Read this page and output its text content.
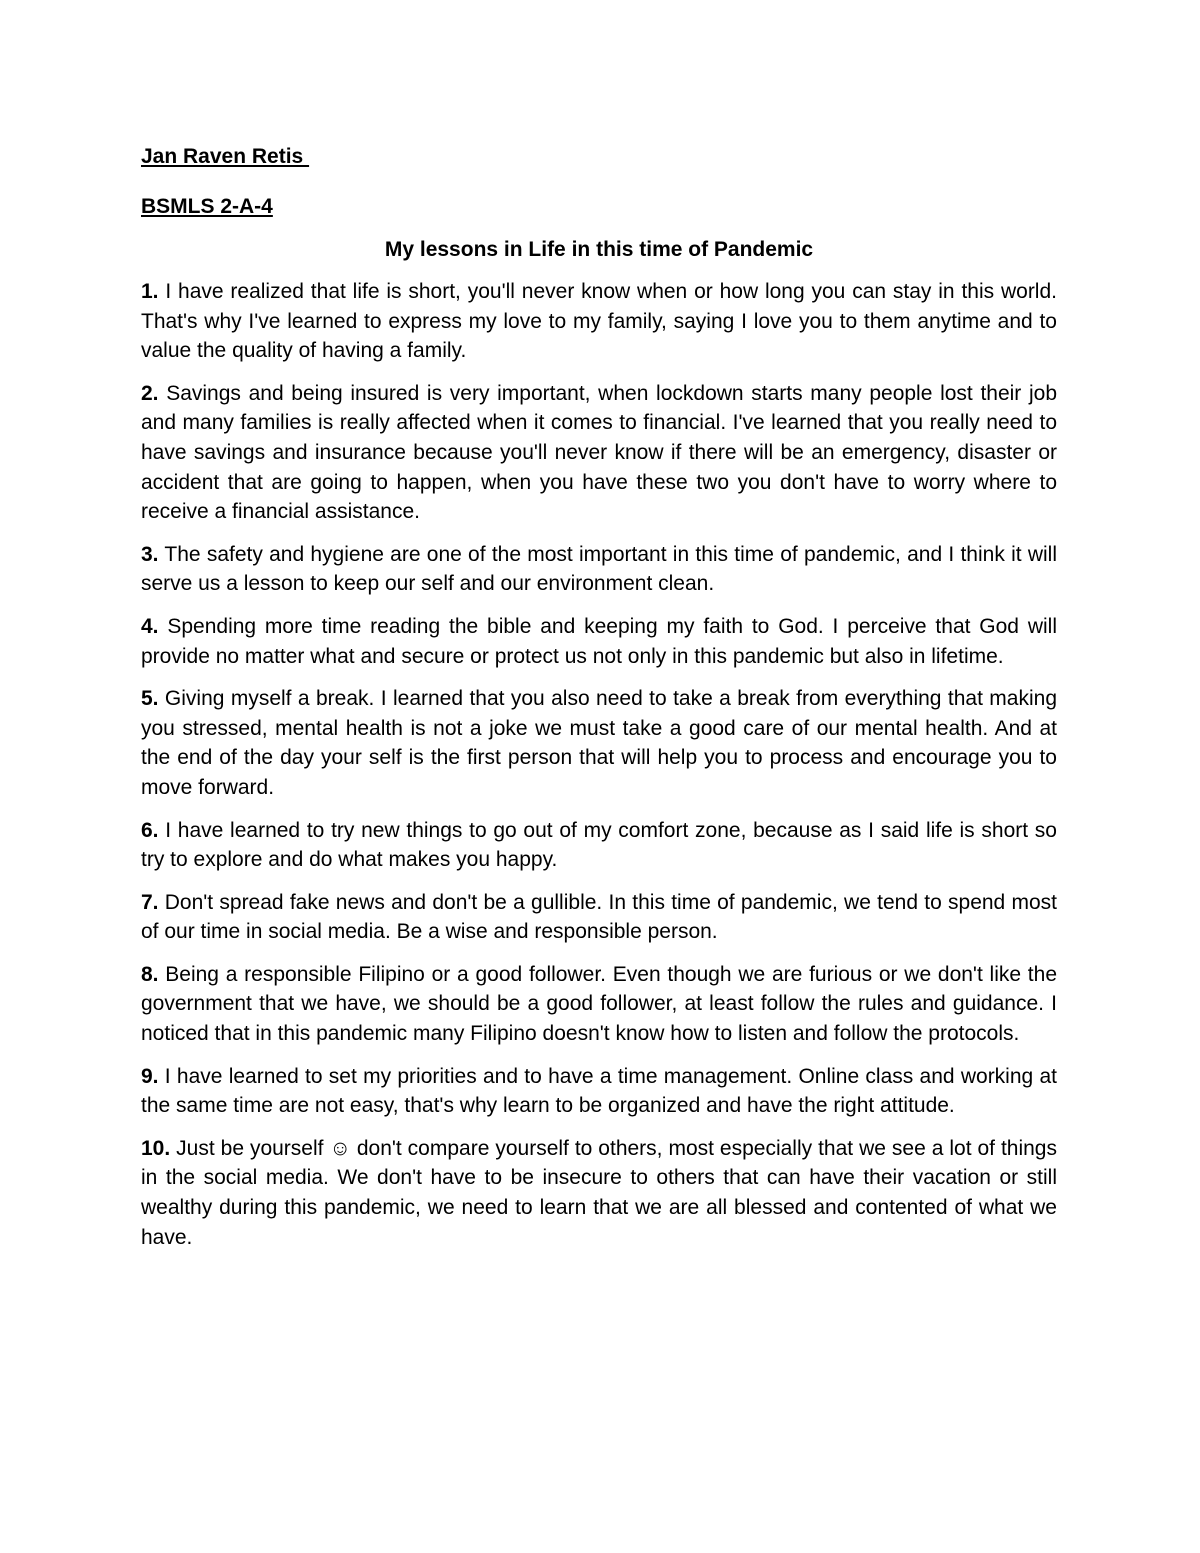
Jan Raven Retis
BSMLS 2-A-4
My lessons in Life in this time of Pandemic

1. I have realized that life is short, you'll never know when or how long you can stay in this world. That's why I've learned to express my love to my family, saying I love you to them anytime and to value the quality of having a family.

2. Savings and being insured is very important, when lockdown starts many people lost their job and many families is really affected when it comes to financial. I've learned that you really need to have savings and insurance because you'll never know if there will be an emergency, disaster or accident that are going to happen, when you have these two you don't have to worry where to receive a financial assistance.

3. The safety and hygiene are one of the most important in this time of pandemic, and I think it will serve us a lesson to keep our self and our environment clean.

4. Spending more time reading the bible and keeping my faith to God. I perceive that God will provide no matter what and secure or protect us not only in this pandemic but also in lifetime.

5. Giving myself a break. I learned that you also need to take a break from everything that making you stressed, mental health is not a joke we must take a good care of our mental health. And at the end of the day your self is the first person that will help you to process and encourage you to move forward.

6. I have learned to try new things to go out of my comfort zone, because as I said life is short so try to explore and do what makes you happy.

7. Don't spread fake news and don't be a gullible. In this time of pandemic, we tend to spend most of our time in social media. Be a wise and responsible person.

8. Being a responsible Filipino or a good follower. Even though we are furious or we don't like the government that we have, we should be a good follower, at least follow the rules and guidance. I noticed that in this pandemic many Filipino doesn't know how to listen and follow the protocols.

9. I have learned to set my priorities and to have a time management. Online class and working at the same time are not easy, that's why learn to be organized and have the right attitude.

10. Just be yourself ☺ don't compare yourself to others, most especially that we see a lot of things in the social media. We don't have to be insecure to others that can have their vacation or still wealthy during this pandemic, we need to learn that we are all blessed and contented of what we have.
